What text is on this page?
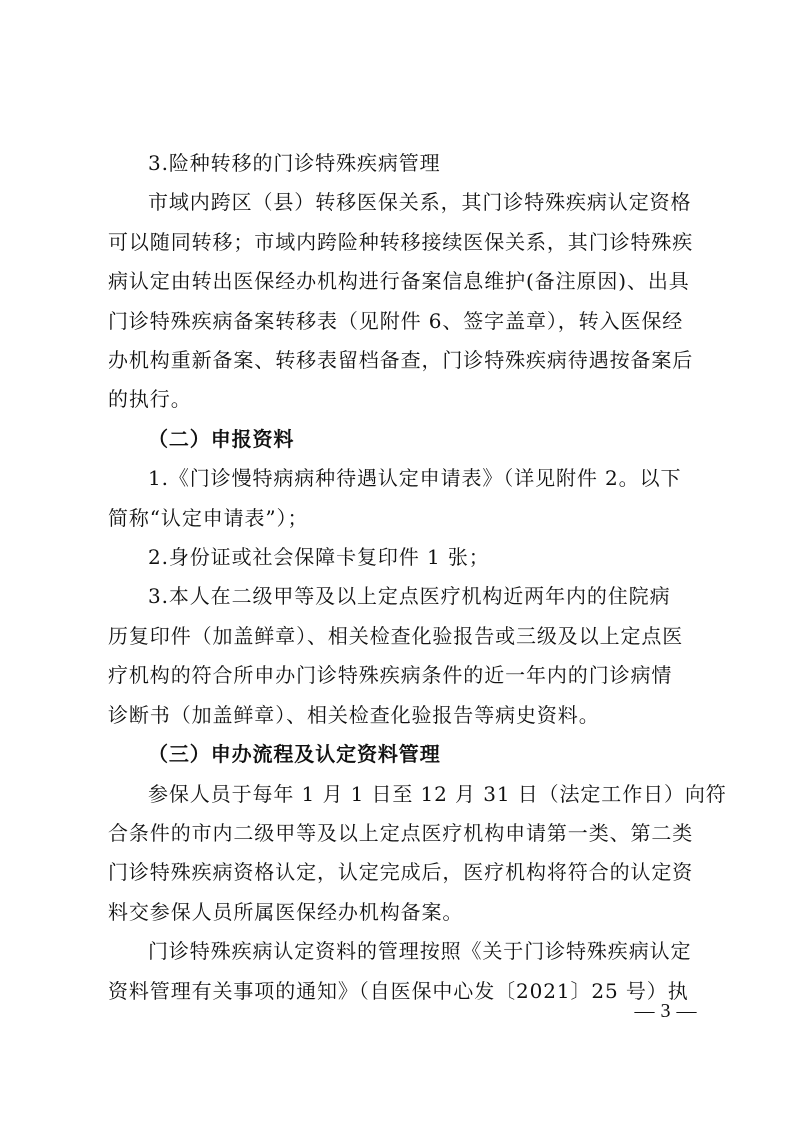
3.险种转移的门诊特殊疾病管理

市域内跨区（县）转移医保关系，其门诊特殊疾病认定资格
可以随同转移；市域内跨险种转移接续医保关系，其门诊特殊疾
病认定由转出医保经办机构进行备案信息维护(备注原因)、出具
门诊特殊疾病备案转移表（见附件 6、签字盖章），转入医保经
办机构重新备案、转移表留档备查，门诊特殊疾病待遇按备案后
的执行。

（二）申报资料

1.《门诊慢特病病种待遇认定申请表》（详见附件 2。以下
简称“认定申请表”）；

2.身份证或社会保障卡复印件 1 张；

3.本人在二级甲等及以上定点医疗机构近两年内的住院病
历复印件（加盖鲜章）、相关检查化验报告或三级及以上定点医
疗机构的符合所申办门诊特殊疾病条件的近一年内的门诊病情
诊断书（加盖鲜章）、相关检查化验报告等病史资料。

（三）申办流程及认定资料管理

参保人员于每年 1 月 1 日至 12 月 31 日（法定工作日）向符
合条件的市内二级甲等及以上定点医疗机构申请第一类、第二类
门诊特殊疾病资格认定，认定完成后，医疗机构将符合的认定资
料交参保人员所属医保经办机构备案。

门诊特殊疾病认定资料的管理按照《关于门诊特殊疾病认定
资料管理有关事项的通知》（自医保中心发〔2021〕25 号）执

— 3 —
